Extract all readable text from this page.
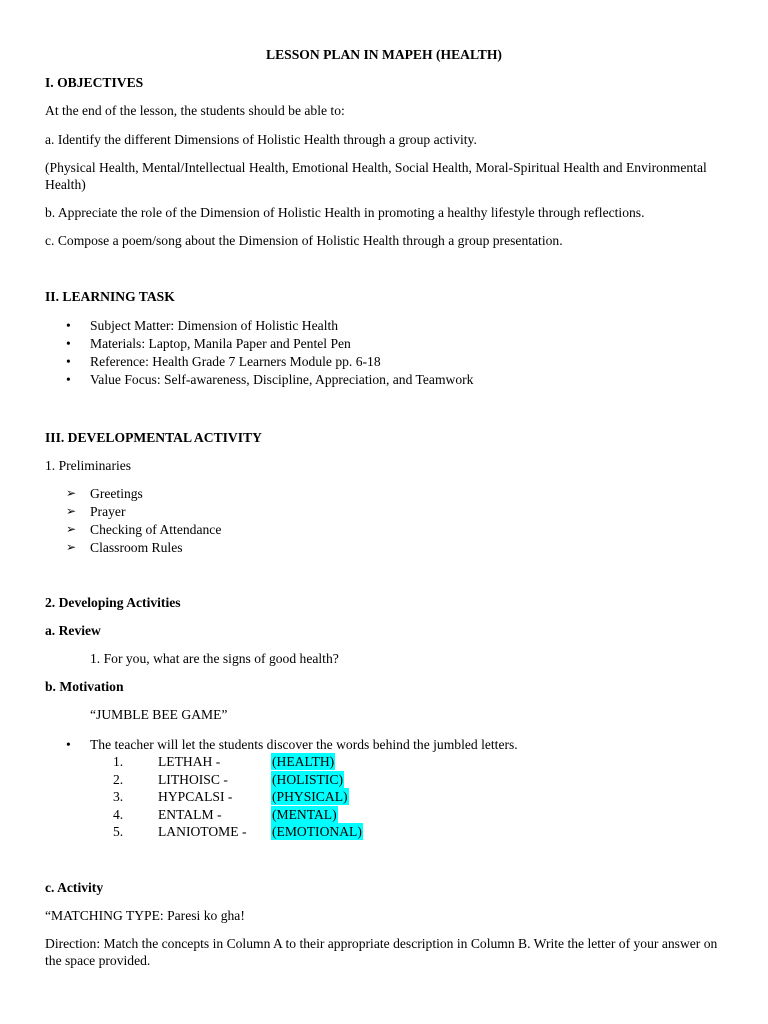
LESSON PLAN IN MAPEH (HEALTH)

I. OBJECTIVES

At the end of the lesson, the students should be able to:

a. Identify the different Dimensions of Holistic Health through a group activity.

(Physical Health, Mental/Intellectual Health, Emotional Health, Social Health, Moral-Spiritual Health and Environmental Health)

b. Appreciate the role of the Dimension of Holistic Health in promoting a healthy lifestyle through reflections.

c. Compose a poem/song about the Dimension of Holistic Health through a group presentation.

II. LEARNING TASK

• Subject Matter: Dimension of Holistic Health
• Materials: Laptop, Manila Paper and Pentel Pen
• Reference: Health Grade 7 Learners Module pp. 6-18
• Value Focus: Self-awareness, Discipline, Appreciation, and Teamwork

III. DEVELOPMENTAL ACTIVITY

1. Preliminaries

➢ Greetings
➢ Prayer
➢ Checking of Attendance
➢ Classroom Rules

2. Developing Activities

a. Review

1. For you, what are the signs of good health?

b. Motivation

“JUMBLE BEE GAME”

• The teacher will let the students discover the words behind the jumbled letters.
1.	LETHAH -	(HEALTH)
2.	LITHOISC -	(HOLISTIC)
3.	HYPCALSI -	(PHYSICAL)
4.	ENTALM -	(MENTAL)
5.	LANIOTOME - (EMOTIONAL)

c. Activity

“MATCHING TYPE: Paresi ko gha!

Direction: Match the concepts in Column A to their appropriate description in Column B. Write the letter of your answer on the space provided.
